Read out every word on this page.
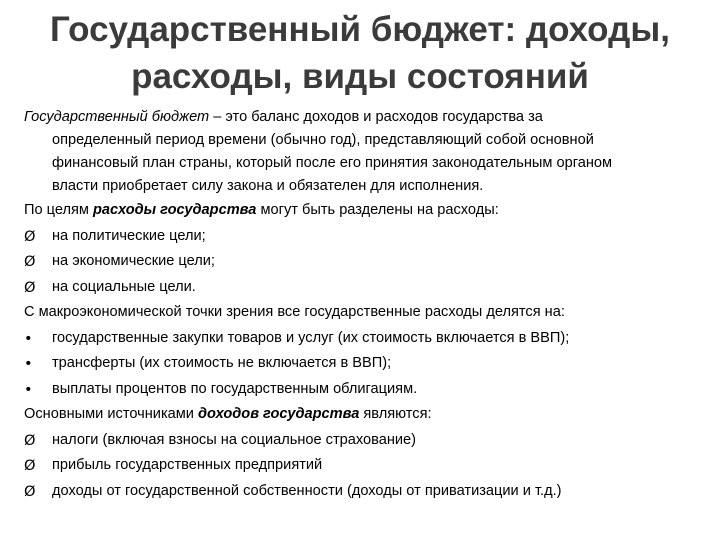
Государственный бюджет: доходы,
расходы, виды состояний
Государственный бюджет – это баланс доходов и расходов государства за
определенный период времени (обычно год), представляющий собой основной
финансовый план страны, который после его принятия законодательным органом
власти приобретает силу закона и обязателен для исполнения.
По целям расходы государства могут быть разделены на расходы:
Ø	на политические цели;
Ø	на экономические цели;
Ø	на социальные цели.
С макроэкономической точки зрения все государственные расходы делятся на:
•	государственные закупки товаров и услуг (их стоимость включается в ВВП);
•	трансферты (их стоимость не включается в ВВП);
•	выплаты процентов по государственным облигациям.
Основными источниками доходов государства являются:
Ø	налоги (включая взносы на социальное страхование)
Ø	прибыль государственных предприятий
Ø	доходы от государственной собственности (доходы от приватизации и т.д.)
